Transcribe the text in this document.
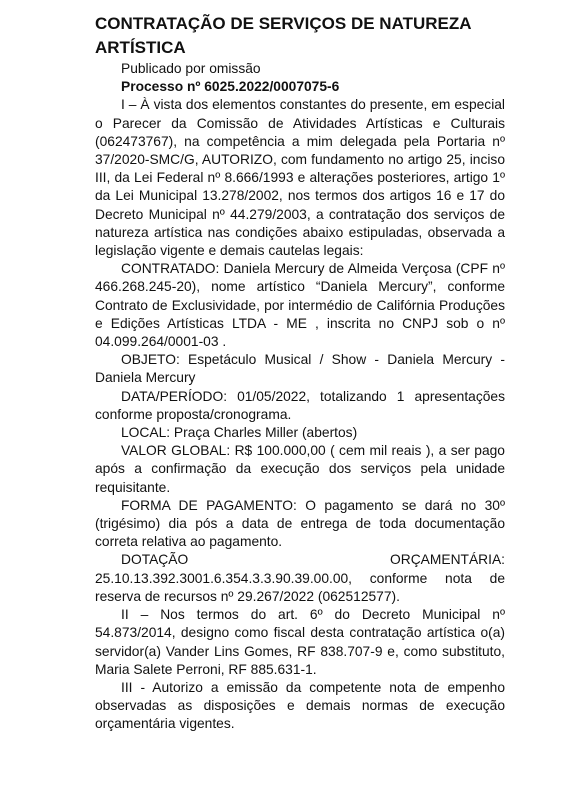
CONTRATAÇÃO DE SERVIÇOS DE NATUREZA ARTÍSTICA

Publicado por omissão

Processo nº 6025.2022/0007075-6

I – À vista dos elementos constantes do presente, em especial o Parecer da Comissão de Atividades Artísticas e Culturais (062473767), na competência a mim delegada pela Portaria nº 37/2020-SMC/G, AUTORIZO, com fundamento no artigo 25, inciso III, da Lei Federal nº 8.666/1993 e alterações posteriores, artigo 1º da Lei Municipal 13.278/2002, nos termos dos artigos 16 e 17 do Decreto Municipal nº 44.279/2003, a contratação dos serviços de natureza artística nas condições abaixo estipuladas, observada a legislação vigente e demais cautelas legais:

CONTRATADO: Daniela Mercury de Almeida Verçosa (CPF nº 466.268.245-20), nome artístico “Daniela Mercury”, conforme Contrato de Exclusividade, por intermédio de Califórnia Produções e Edições Artísticas LTDA - ME , inscrita no CNPJ sob o nº 04.099.264/0001-03 .

OBJETO: Espetáculo Musical / Show - Daniela Mercury - Daniela Mercury

DATA/PERÍODO: 01/05/2022, totalizando 1 apresentações conforme proposta/cronograma.

LOCAL: Praça Charles Miller (abertos)

VALOR GLOBAL: R$ 100.000,00 ( cem mil reais ), a ser pago após a confirmação da execução dos serviços pela unidade requisitante.

FORMA DE PAGAMENTO: O pagamento se dará no 30º (trigésimo) dia pós a data de entrega de toda documentação correta relativa ao pagamento.

DOTAÇÃO ORÇAMENTÁRIA: 25.10.13.392.3001.6.354.3.3.90.39.00.00, conforme nota de reserva de recursos nº 29.267/2022 (062512577).

II – Nos termos do art. 6º do Decreto Municipal nº 54.873/2014, designo como fiscal desta contratação artística o(a) servidor(a) Vander Lins Gomes, RF 838.707-9 e, como substituto, Maria Salete Perroni, RF 885.631-1.

III - Autorizo a emissão da competente nota de empenho observadas as disposições e demais normas de execução orçamentária vigentes.
